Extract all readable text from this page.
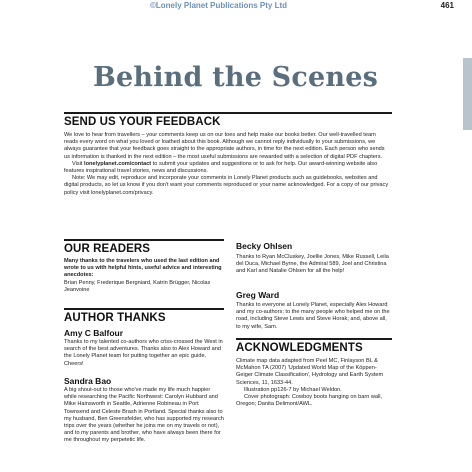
©Lonely Planet Publications Pty Ltd	461
Behind the Scenes
SEND US YOUR FEEDBACK

We love to hear from travellers – your comments keep us on our toes and help make our books better. Our well-travelled team reads every word on what you loved or loathed about this book. Although we cannot reply individually to your submissions, we always guarantee that your feedback goes straight to the appropriate authors, in time for the next edition. Each person who sends us information is thanked in the next edition – the most useful submissions are rewarded with a selection of digital PDF chapters.

Visit lonelyplanet.com/contact to submit your updates and suggestions or to ask for help. Our award-winning website also features inspirational travel stories, news and discussions.

Note: We may edit, reproduce and incorporate your comments in Lonely Planet products such as guidebooks, websites and digital products, so let us know if you don't want your comments reproduced or your name acknowledged. For a copy of our privacy policy visit lonelyplanet.com/privacy.

OUR READERS

Many thanks to the travelers who used the last edition and wrote to us with helpful hints, useful advice and interesting anecdotes:

Brian Penny, Frederique Bergniard, Katrin Brügger, Nicolas Jeanvoine

AUTHOR THANKS
Amy C Balfour
Thanks to my talented co-authors who criss-crossed the West in search of the best adventures. Thanks also to Alex Howard and the Lonely Planet team for putting together an epic guide. Cheers!
Sandra Bao
A big shout-out to those who've made my life much happier while researching the Pacific Northwest: Carolyn Hubbard and Mike Hainsworth in Seattle, Adrienne Robineau in Port Townsend and Celeste Brash in Portland. Special thanks also to my husband, Ben Greensfelder, who has supported my research trips over the years (whether he joins me on my travels or not), and to my parents and brother, who have always been there for me throughout my perpetetic life.
Becky Ohlsen
Thanks to Ryan McCluskey, Joellie Jones, Mike Russell, Leila del Duca, Michael Byrne, the Admiral 589, Joel and Christina and Karl and Natalie Ohlsen for all the help!
Greg Ward
Thanks to everyone at Lonely Planet, especially Alex Howard and my co-authors; to the many people who helped me on the road, including Steve Lewis and Steve Horak; and, above all, to my wife, Sam.
ACKNOWLEDGMENTS

Climate map data adapted from Peel MC, Finlayson BL & McMahon TA (2007) 'Updated World Map of the Köppen-Geiger Climate Classification', Hydrology and Earth System Sciences, 11, 1633-44.

Illustration pp126-7 by Michael Weldon.

Cover photograph: Cowboy boots hanging on barn wall, Oregon; Danita Delimont/AWL.
